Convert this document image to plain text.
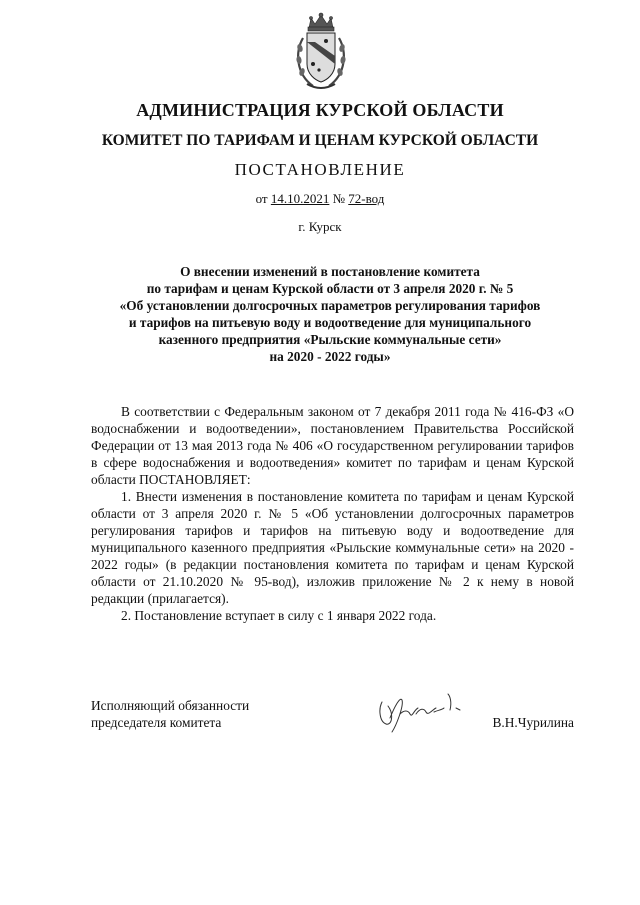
АДМИНИСТРАЦИЯ КУРСКОЙ ОБЛАСТИ
КОМИТЕТ ПО ТАРИФАМ И ЦЕНАМ КУРСКОЙ ОБЛАСТИ
ПОСТАНОВЛЕНИЕ
от 14.10.2021 № 72-вод
г. Курск
О внесении изменений в постановление комитета
по тарифам и ценам Курской области от 3 апреля 2020 г. № 5
«Об установлении долгосрочных параметров регулирования тарифов
и тарифов на питьевую воду и водоотведение для муниципального
казенного предприятия «Рыльские коммунальные сети»
на 2020 - 2022 годы»

В соответствии с Федеральным законом от 7 декабря 2011 года № 416-ФЗ «О водоснабжении и водоотведении», постановлением Правительства Российской Федерации от 13 мая 2013 года № 406 «О государственном регулировании тарифов в сфере водоснабжения и водоотведения» комитет по тарифам и ценам Курской области ПОСТАНОВЛЯЕТ:

1. Внести изменения в постановление комитета по тарифам и ценам Курской области от 3 апреля 2020 г. № 5 «Об установлении долгосрочных параметров регулирования тарифов и тарифов на питьевую воду и водоотведение для муниципального казенного предприятия «Рыльские коммунальные сети» на 2020 - 2022 годы» (в редакции постановления комитета по тарифам и ценам Курской области от 21.10.2020 № 95-вод), изложив приложение № 2 к нему в новой редакции (прилагается).

2. Постановление вступает в силу с 1 января 2022 года.

Исполняющий обязанности
председателя комитета	В.Н.Чурилина
